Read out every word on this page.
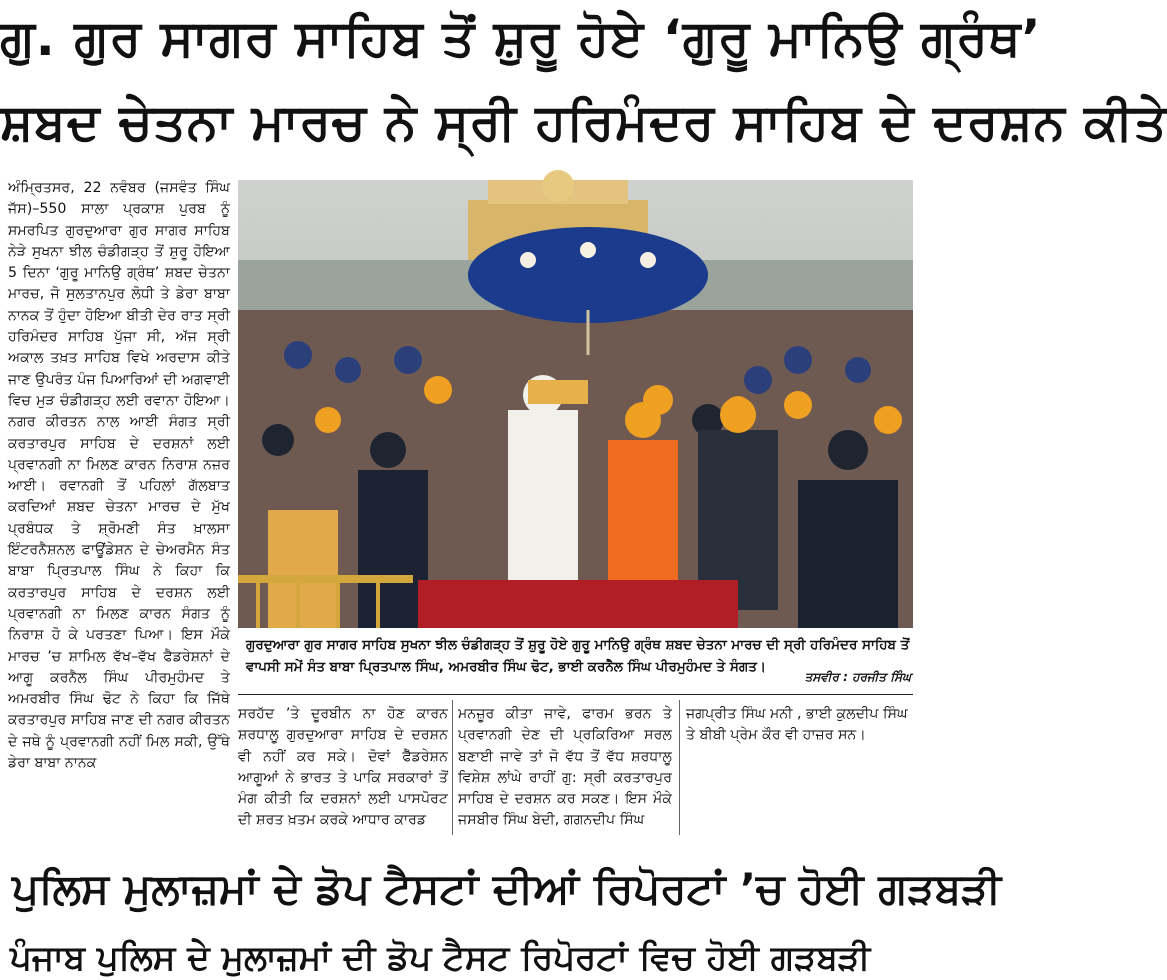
ਗੁ. ਗੁਰ ਸਾਗਰ ਸਾਹਿਬ ਤੋਂ ਸ਼ੁਰੂ ਹੋਏ ‘ਗੁਰੂ ਮਾਨਿਉ ਗ੍ਰੰਥ’
ਸ਼ਬਦ ਚੇਤਨਾ ਮਾਰਚ ਨੇ ਸ੍ਰੀ ਹਰਿਮੰਦਰ ਸਾਹਿਬ ਦੇ ਦਰਸ਼ਨ ਕੀਤੇ
ਅੰਮ੍ਰਿਤਸਰ, 22 ਨਵੰਬਰ (ਜਸਵੰਤ ਸਿੰਘ ਜੱਸ)–550 ਸਾਲਾ ਪ੍ਰਕਾਸ਼ ਪੁਰਬ ਨੂੰ ਸਮਰਪਿਤ ਗੁਰਦੁਆਰਾ ਗੁਰ ਸਾਗਰ ਸਾਹਿਬ ਨੇੜੇ ਸੁਖਨਾ ਝੀਲ ਚੰਡੀਗੜ੍ਹ ਤੋਂ ਸ਼ੁਰੂ ਹੋਇਆ 5 ਦਿਨਾ ‘ਗੁਰੂ ਮਾਨਿਉ ਗ੍ਰੰਥ’ ਸ਼ਬਦ ਚੇਤਨਾ ਮਾਰਚ, ਜੋ ਸੁਲਤਾਨਪੁਰ ਲੋਧੀ ਤੇ ਡੇਰਾ ਬਾਬਾ ਨਾਨਕ ਤੋਂ ਹੁੰਦਾ ਹੋਇਆ ਬੀਤੀ ਦੇਰ ਰਾਤ ਸ੍ਰੀ ਹਰਿਮੰਦਰ ਸਾਹਿਬ ਪੁੱਜਾ ਸੀ, ਅੱਜ ਸ੍ਰੀ ਅਕਾਲ ਤਖ਼ਤ ਸਾਹਿਬ ਵਿਖੇ ਅਰਦਾਸ ਕੀਤੇ ਜਾਣ ਉਪਰੰਤ ਪੰਜ ਪਿਆਰਿਆਂ ਦੀ ਅਗਵਾਈ ਵਿਚ ਮੁੜ ਚੰਡੀਗੜ੍ਹ ਲਈ ਰਵਾਨਾ ਹੋਇਆ। ਨਗਰ ਕੀਰਤਨ ਨਾਲ ਆਈ ਸੰਗਤ ਸ੍ਰੀ ਕਰਤਾਰਪੁਰ ਸਾਹਿਬ ਦੇ ਦਰਸ਼ਨਾਂ ਲਈ ਪ੍ਰਵਾਨਗੀ ਨਾ ਮਿਲਣ ਕਾਰਨ ਨਿਰਾਸ਼ ਨਜ਼ਰ ਆਈ। ਰਵਾਨਗੀ ਤੋਂ ਪਹਿਲਾਂ ਗੱਲਬਾਤ ਕਰਦਿਆਂ ਸ਼ਬਦ ਚੇਤਨਾ ਮਾਰਚ ਦੇ ਮੁੱਖ ਪ੍ਰਬੰਧਕ ਤੇ ਸ਼੍ਰੋਮਣੀ ਸੰਤ ਖ਼ਾਲਸਾ ਇੰਟਰਨੈਸ਼ਨਲ ਫਾਊਂਡੇਸ਼ਨ ਦੇ ਚੇਅਰਮੈਨ ਸੰਤ ਬਾਬਾ ਪ੍ਰਿਤਪਾਲ ਸਿੰਘ ਨੇ ਕਿਹਾ ਕਿ ਕਰਤਾਰਪੁਰ ਸਾਹਿਬ ਦੇ ਦਰਸ਼ਨ ਲਈ ਪ੍ਰਵਾਨਗੀ ਨਾ ਮਿਲਣ ਕਾਰਨ ਸੰਗਤ ਨੂੰ ਨਿਰਾਸ਼ ਹੋ ਕੇ ਪਰਤਣਾ ਪਿਆ। ਇਸ ਮੌਕੇ ਮਾਰਚ ’ਚ ਸ਼ਾਮਿਲ ਵੱਖ–ਵੱਖ ਫੈਡਰੇਸ਼ਨਾਂ ਦੇ ਆਗੂ ਕਰਨੈਲ ਸਿੰਘ ਪੀਰਮੁਹੰਮਦ ਤੇ ਅਮਰਬੀਰ ਸਿੰਘ ਢੋਟ ਨੇ ਕਿਹਾ ਕਿ ਜਿੱਥੇ ਕਰਤਾਰਪੁਰ ਸਾਹਿਬ ਜਾਣ ਦੀ ਨਗਰ ਕੀਰਤਨ ਦੇ ਜਥੇ ਨੂੰ ਪ੍ਰਵਾਨਗੀ ਨਹੀਂ ਮਿਲ ਸਕੀ, ਉੱਥੇ ਡੇਰਾ ਬਾਬਾ ਨਾਨਕ
ਗੁਰਦੁਆਰਾ ਗੁਰ ਸਾਗਰ ਸਾਹਿਬ ਸੁਖਨਾ ਝੀਲ ਚੰਡੀਗੜ੍ਹ ਤੋਂ ਸ਼ੁਰੂ ਹੋਏ ਗੁਰੂ ਮਾਨਿਉ ਗ੍ਰੰਥ ਸ਼ਬਦ ਚੇਤਨਾ ਮਾਰਚ ਦੀ ਸ੍ਰੀ ਹਰਿਮੰਦਰ ਸਾਹਿਬ ਤੋਂ ਵਾਪਸੀ ਸਮੇਂ ਸੰਤ ਬਾਬਾ ਪ੍ਰਿਤਪਾਲ ਸਿੰਘ, ਅਮਰਬੀਰ ਸਿੰਘ ਢੋਟ, ਭਾਈ ਕਰਨੈਲ ਸਿੰਘ ਪੀਰਮੁਹੰਮਦ ਤੇ ਸੰਗਤ।
ਤਸਵੀਰ : ਹਰਜੀਤ ਸਿੰਘ
ਸਰਹੱਦ ’ਤੇ ਦੂਰਬੀਨ ਨਾ ਹੋਣ ਕਾਰਨ ਸ਼ਰਧਾਲੂ ਗੁਰਦੁਆਰਾ ਸਾਹਿਬ ਦੇ ਦਰਸ਼ਨ ਵੀ ਨਹੀਂ ਕਰ ਸਕੇ। ਦੋਵਾਂ ਫੈੱਡਰੇਸ਼ਨ ਆਗੂਆਂ ਨੇ ਭਾਰਤ ਤੇ ਪਾਕਿ ਸਰਕਾਰਾਂ ਤੋਂ ਮੰਗ ਕੀਤੀ ਕਿ ਦਰਸ਼ਨਾਂ ਲਈ ਪਾਸਪੋਰਟ ਦੀ ਸ਼ਰਤ ਖ਼ਤਮ ਕਰਕੇ ਆਧਾਰ ਕਾਰਡ
ਮਨਜ਼ੂਰ ਕੀਤਾ ਜਾਵੇ, ਫਾਰਮ ਭਰਨ ਤੇ ਪ੍ਰਵਾਨਗੀ ਦੇਣ ਦੀ ਪ੍ਰਕਿਰਿਆ ਸਰਲ ਬਣਾਈ ਜਾਵੇ ਤਾਂ ਜੋ ਵੱਧ ਤੋਂ ਵੱਧ ਸ਼ਰਧਾਲੂ ਵਿਸ਼ੇਸ਼ ਲਾਂਘੇ ਰਾਹੀਂ ਗੁ: ਸ੍ਰੀ ਕਰਤਾਰਪੁਰ ਸਾਹਿਬ ਦੇ ਦਰਸ਼ਨ ਕਰ ਸਕਣ। ਇਸ ਮੌਕੇ ਜਸਬੀਰ ਸਿੰਘ ਬੇਦੀ, ਗਗਨਦੀਪ ਸਿੰਘ
ਜਗਪ੍ਰੀਤ ਸਿੰਘ ਮਨੀ , ਭਾਈ ਕੁਲਦੀਪ ਸਿੰਘ ਤੇ ਬੀਬੀ ਪ੍ਰੇਮ ਕੌਰ ਵੀ ਹਾਜ਼ਰ ਸਨ।
ਪੁਲਿਸ ਮੁਲਾਜ਼ਮਾਂ ਦੇ ਡੋਪ ਟੈਸਟਾਂ ਦੀਆਂ ਰਿਪੋਰਟਾਂ ’ਚ ਹੋਈ ਗੜਬੜੀ
ਪੰਜਾਬ ਪੁਲਿਸ ਦੇ ਮੁਲਾਜ਼ਮਾਂ ਦੀ ਡੋਪ ਟੈਸਟ ਰਿਪੋਰਟਾਂ ਵਿਚ ਹੋਈ ਗੜਬੜੀ
